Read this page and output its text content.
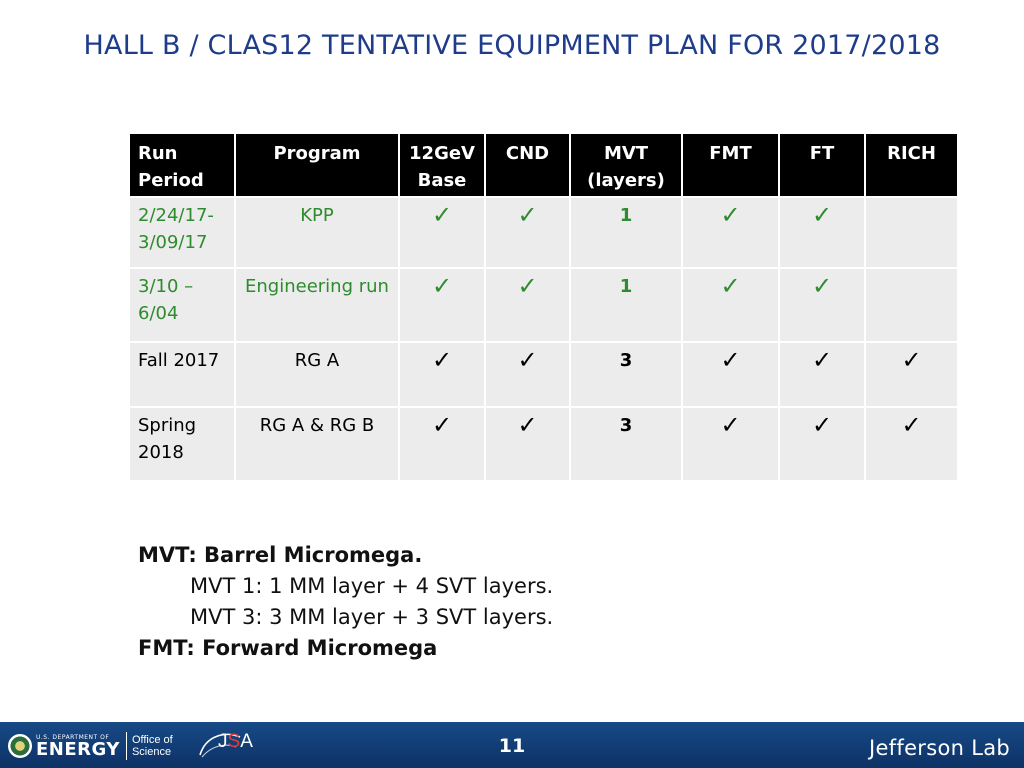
HALL B / CLAS12 TENTATIVE EQUIPMENT PLAN FOR 2017/2018
Run Period	Program	12GeV Base	CND	MVT (layers)	FMT	FT	RICH
2/24/17- 3/09/17	KPP	✓	✓	1	✓	✓	
3/10 – 6/04	Engineering run	✓	✓	1	✓	✓	
Fall 2017	RG A	✓	✓	3	✓	✓	✓
Spring 2018	RG A & RG B	✓	✓	3	✓	✓	✓
MVT: Barrel Micromega.
MVT 1: 1 MM layer + 4 SVT layers.
MVT 3: 3 MM layer + 3 SVT layers.
FMT: Forward Micromega
U.S. DEPARTMENT OF
ENERGY Office of
Science JSA	11	Jefferson Lab
